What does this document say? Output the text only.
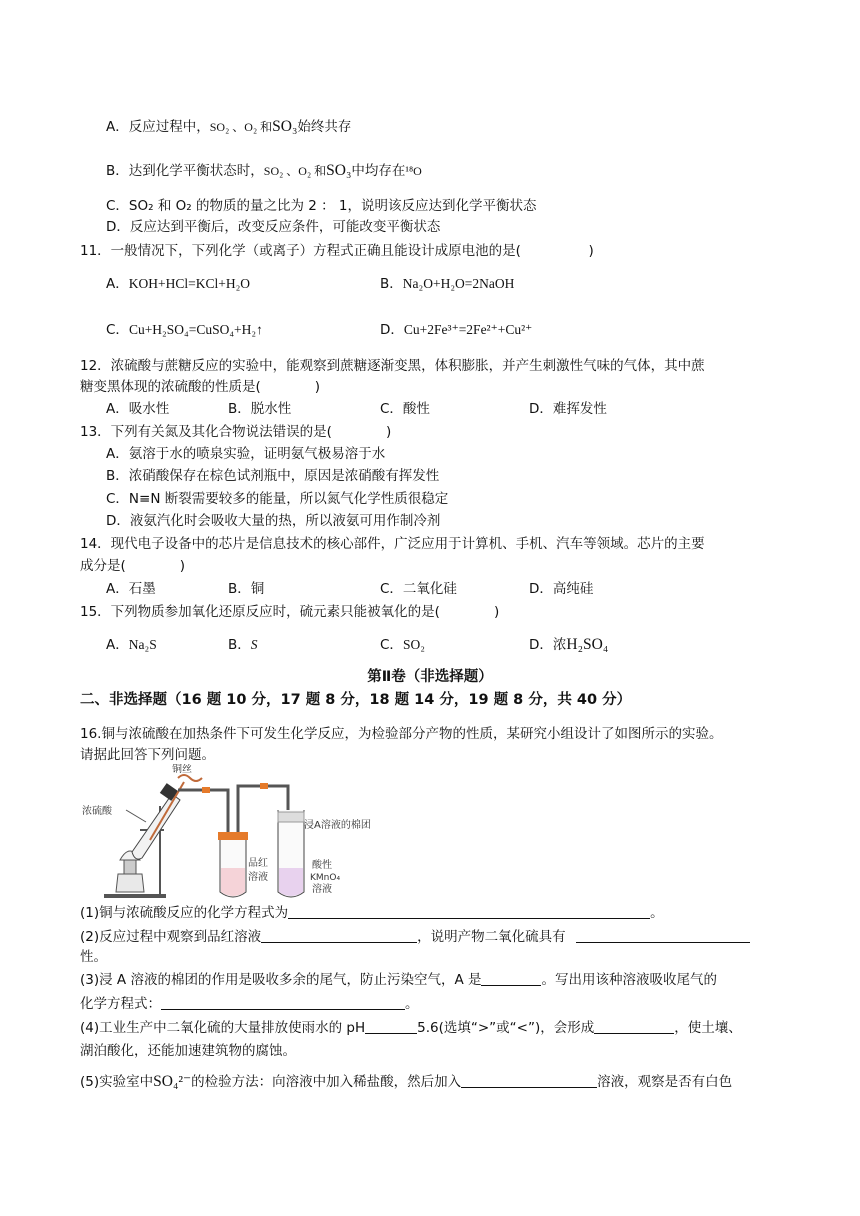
A．反应过程中，SO₂ 、O₂ 和SO₃始终共存
B．达到化学平衡状态时，SO₂ 、O₂ 和SO₃中均存在¹⁸O
C．SO₂ 和 O₂ 的物质的量之比为 2 ： 1，说明该反应达到化学平衡状态
D．反应达到平衡后，改变反应条件，可能改变平衡状态
11．一般情况下，下列化学（或离子）方程式正确且能设计成原电池的是(　　　　　)
A．KOH+HCl=KCl+H₂O	B．Na₂O+H₂O=2NaOH
C．Cu+H₂SO₄=CuSO₄+H₂↑	D．Cu+2Fe³⁺=2Fe²⁺+Cu²⁺
12．浓硫酸与蔗糖反应的实验中，能观察到蔗糖逐渐变黑，体积膨胀，并产生刺激性气味的气体，其中蔗
糖变黑体现的浓硫酸的性质是(　　　　)
A．吸水性	B．脱水性	C．酸性	D．难挥发性
13．下列有关氮及其化合物说法错误的是(　　　　)
A．氨溶于水的喷泉实验，证明氨气极易溶于水
B．浓硝酸保存在棕色试剂瓶中，原因是浓硝酸有挥发性
C．N≡N 断裂需要较多的能量，所以氮气化学性质很稳定
D．液氨汽化时会吸收大量的热，所以液氨可用作制冷剂
14．现代电子设备中的芯片是信息技术的核心部件，广泛应用于计算机、手机、汽车等领域。芯片的主要
成分是(　　　　)
A．石墨	B．铜	C．二氧化硅	D．高纯硅
15．下列物质参加氧化还原反应时，硫元素只能被氧化的是(　　　　)
A．Na₂S	B．S	C．SO₂	D．浓H₂SO₄
第Ⅱ卷（非选择题）
二、非选择题（16 题 10 分，17 题 8 分，18 题 14 分，19 题 8 分，共 40 分）
16.铜与浓硫酸在加热条件下可发生化学反应，为检验部分产物的性质，某研究小组设计了如图所示的实验。
请据此回答下列问题。
铜丝
浓硫酸
品红
溶液
浸A溶液的棉团
酸性
KMnO₄
溶液
(1)铜与浓硫酸反应的化学方程式为	。
(2)反应过程中观察到品红溶液	，说明产物二氧化硫具有
性。
(3)浸 A 溶液的棉团的作用是吸收多余的尾气，防止污染空气，A 是	。写出用该种溶液吸收尾气的
化学方程式：	。
(4)工业生产中二氧化硫的大量排放使雨水的 pH	5.6(选填“>”或“<”)，会形成	，使土壤、
湖泊酸化，还能加速建筑物的腐蚀。
(5)实验室中SO₄²⁻的检验方法：向溶液中加入稀盐酸，然后加入	溶液，观察是否有白色
